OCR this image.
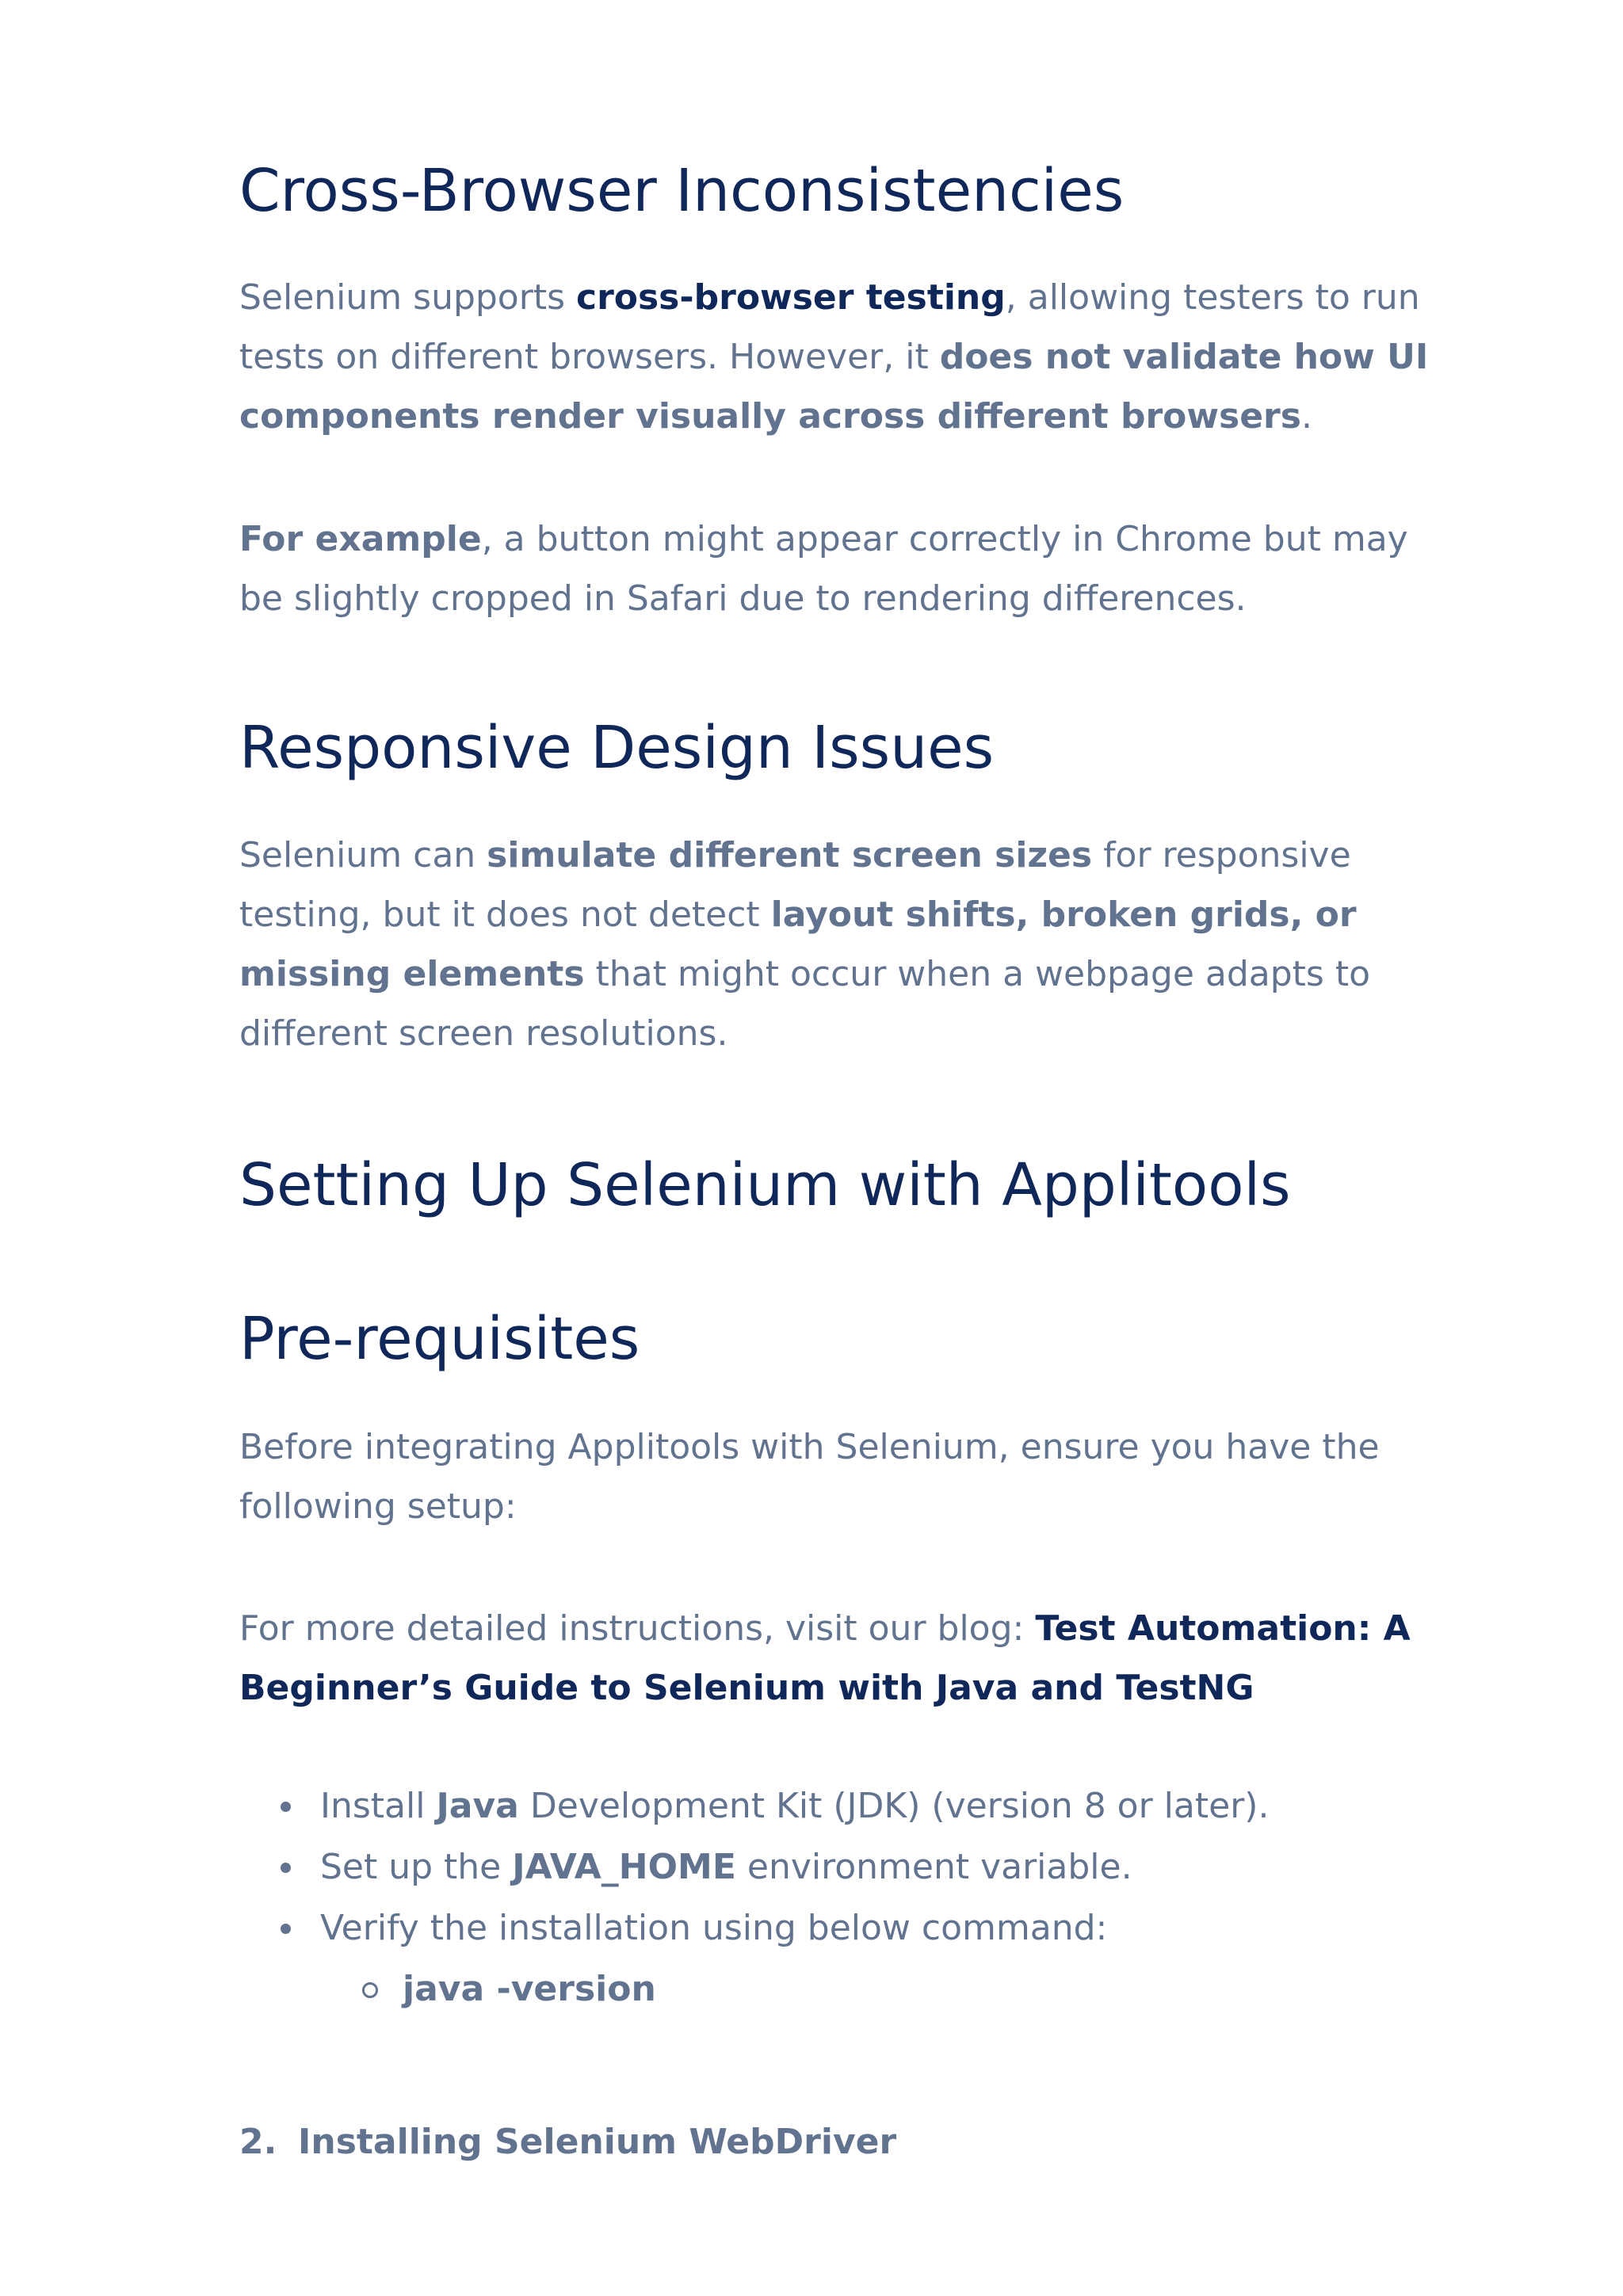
Cross-Browser Inconsistencies

Selenium supports cross-browser testing, allowing testers to run tests on different browsers. However, it does not validate how UI components render visually across different browsers.

For example, a button might appear correctly in Chrome but may be slightly cropped in Safari due to rendering differences.

Responsive Design Issues

Selenium can simulate different screen sizes for responsive testing, but it does not detect layout shifts, broken grids, or missing elements that might occur when a webpage adapts to different screen resolutions.

Setting Up Selenium with Applitools
Pre-requisites

Before integrating Applitools with Selenium, ensure you have the following setup:

For more detailed instructions, visit our blog: Test Automation: A Beginner’s Guide to Selenium with Java and TestNG

Install Java Development Kit (JDK) (version 8 or later).
Set up the JAVA_HOME environment variable.
Verify the installation using below command:
java -version
2. Installing Selenium WebDriver
